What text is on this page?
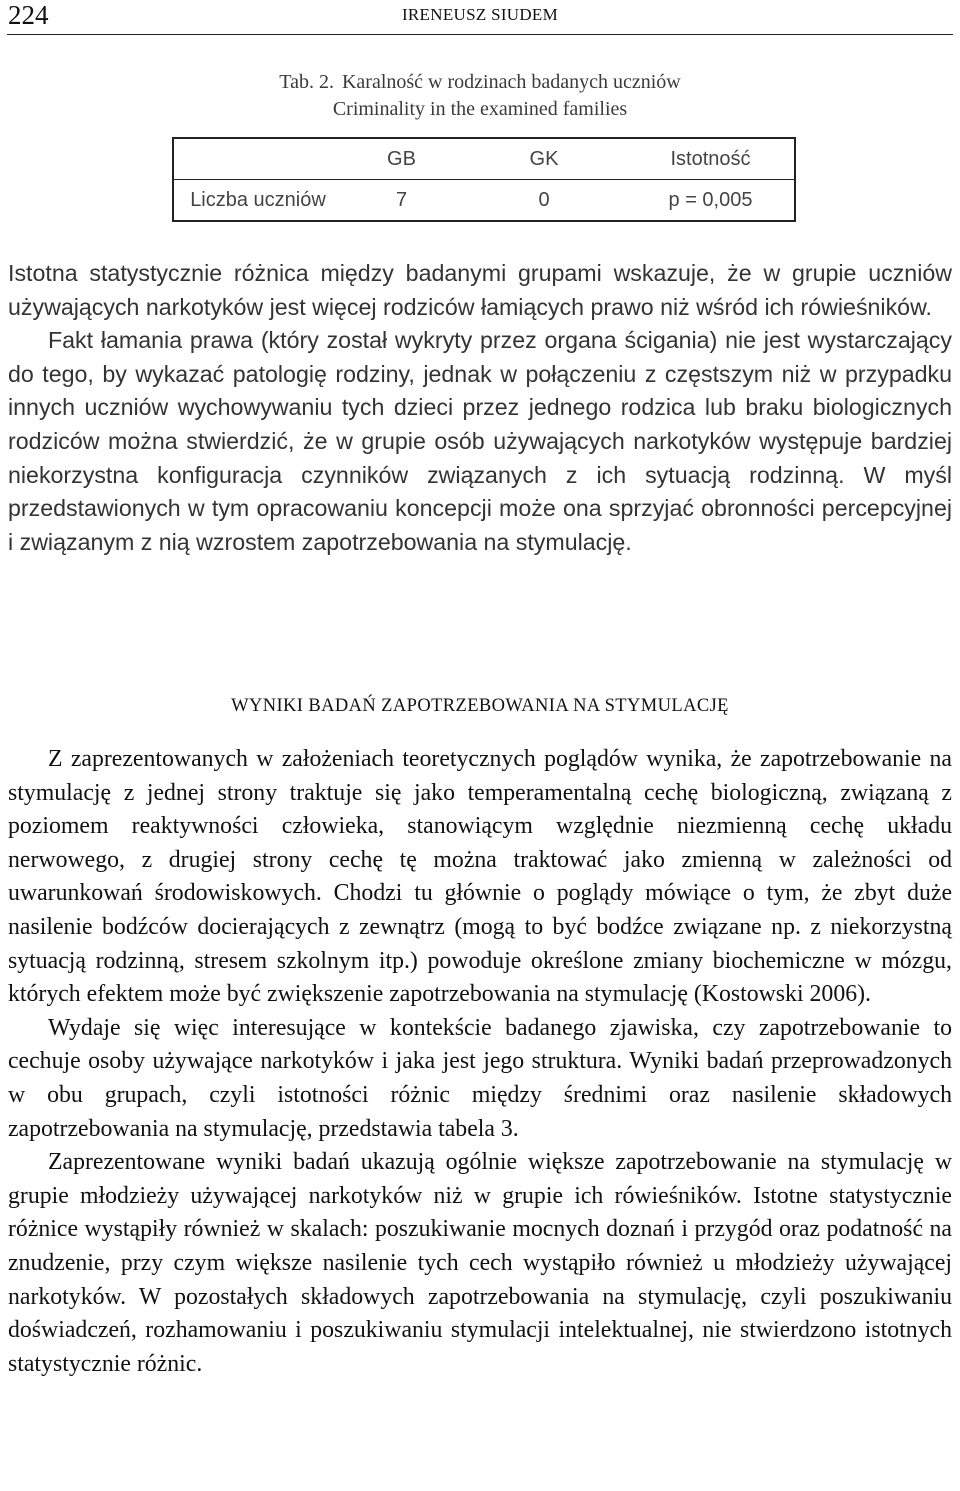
224	IRENEUSZ SIUDEM
Tab. 2. Karalność w rodzinach badanych uczniów
Criminality in the examined families
	GB	GK	Istotność
Liczba uczniów	7	0	p = 0,005

Istotna statystycznie różnica między badanymi grupami wskazuje, że w grupie uczniów używających narkotyków jest więcej rodziców łamiących prawo niż wśród ich rówieśników.

Fakt łamania prawa (który został wykryty przez organa ścigania) nie jest wystarczający do tego, by wykazać patologię rodziny, jednak w połączeniu z częstszym niż w przypadku innych uczniów wychowywaniu tych dzieci przez jednego rodzica lub braku biologicznych rodziców można stwierdzić, że w grupie osób używających narkotyków występuje bardziej niekorzystna konfiguracja czynników związanych z ich sytuacją rodzinną. W myśl przedstawionych w tym opracowaniu koncepcji może ona sprzyjać obronności percepcyjnej i związanym z nią wzrostem zapotrzebowania na stymulację.

WYNIKI BADAŃ ZAPOTRZEBOWANIA NA STYMULACJĘ

Z zaprezentowanych w założeniach teoretycznych poglądów wynika, że zapotrzebowanie na stymulację z jednej strony traktuje się jako temperamentalną cechę biologiczną, związaną z poziomem reaktywności człowieka, stanowiącym względnie niezmienną cechę układu nerwowego, z drugiej strony cechę tę można traktować jako zmienną w zależności od uwarunkowań środowiskowych. Chodzi tu głównie o poglądy mówiące o tym, że zbyt duże nasilenie bodźców docierających z zewnątrz (mogą to być bodźce związane np. z niekorzystną sytuacją rodzinną, stresem szkolnym itp.) powoduje określone zmiany biochemiczne w mózgu, których efektem może być zwiększenie zapotrzebowania na stymulację (Kostowski 2006).

Wydaje się więc interesujące w kontekście badanego zjawiska, czy zapotrzebowanie to cechuje osoby używające narkotyków i jaka jest jego struktura. Wyniki badań przeprowadzonych w obu grupach, czyli istotności różnic między średnimi oraz nasilenie składowych zapotrzebowania na stymulację, przedstawia tabela 3.

Zaprezentowane wyniki badań ukazują ogólnie większe zapotrzebowanie na stymulację w grupie młodzieży używającej narkotyków niż w grupie ich rówieśników. Istotne statystycznie różnice wystąpiły również w skalach: poszukiwanie mocnych doznań i przygód oraz podatność na znudzenie, przy czym większe nasilenie tych cech wystąpiło również u młodzieży używającej narkotyków. W pozostałych składowych zapotrzebowania na stymulację, czyli poszukiwaniu doświadczeń, rozhamowaniu i poszukiwaniu stymulacji intelektualnej, nie stwierdzono istotnych statystycznie różnic.
